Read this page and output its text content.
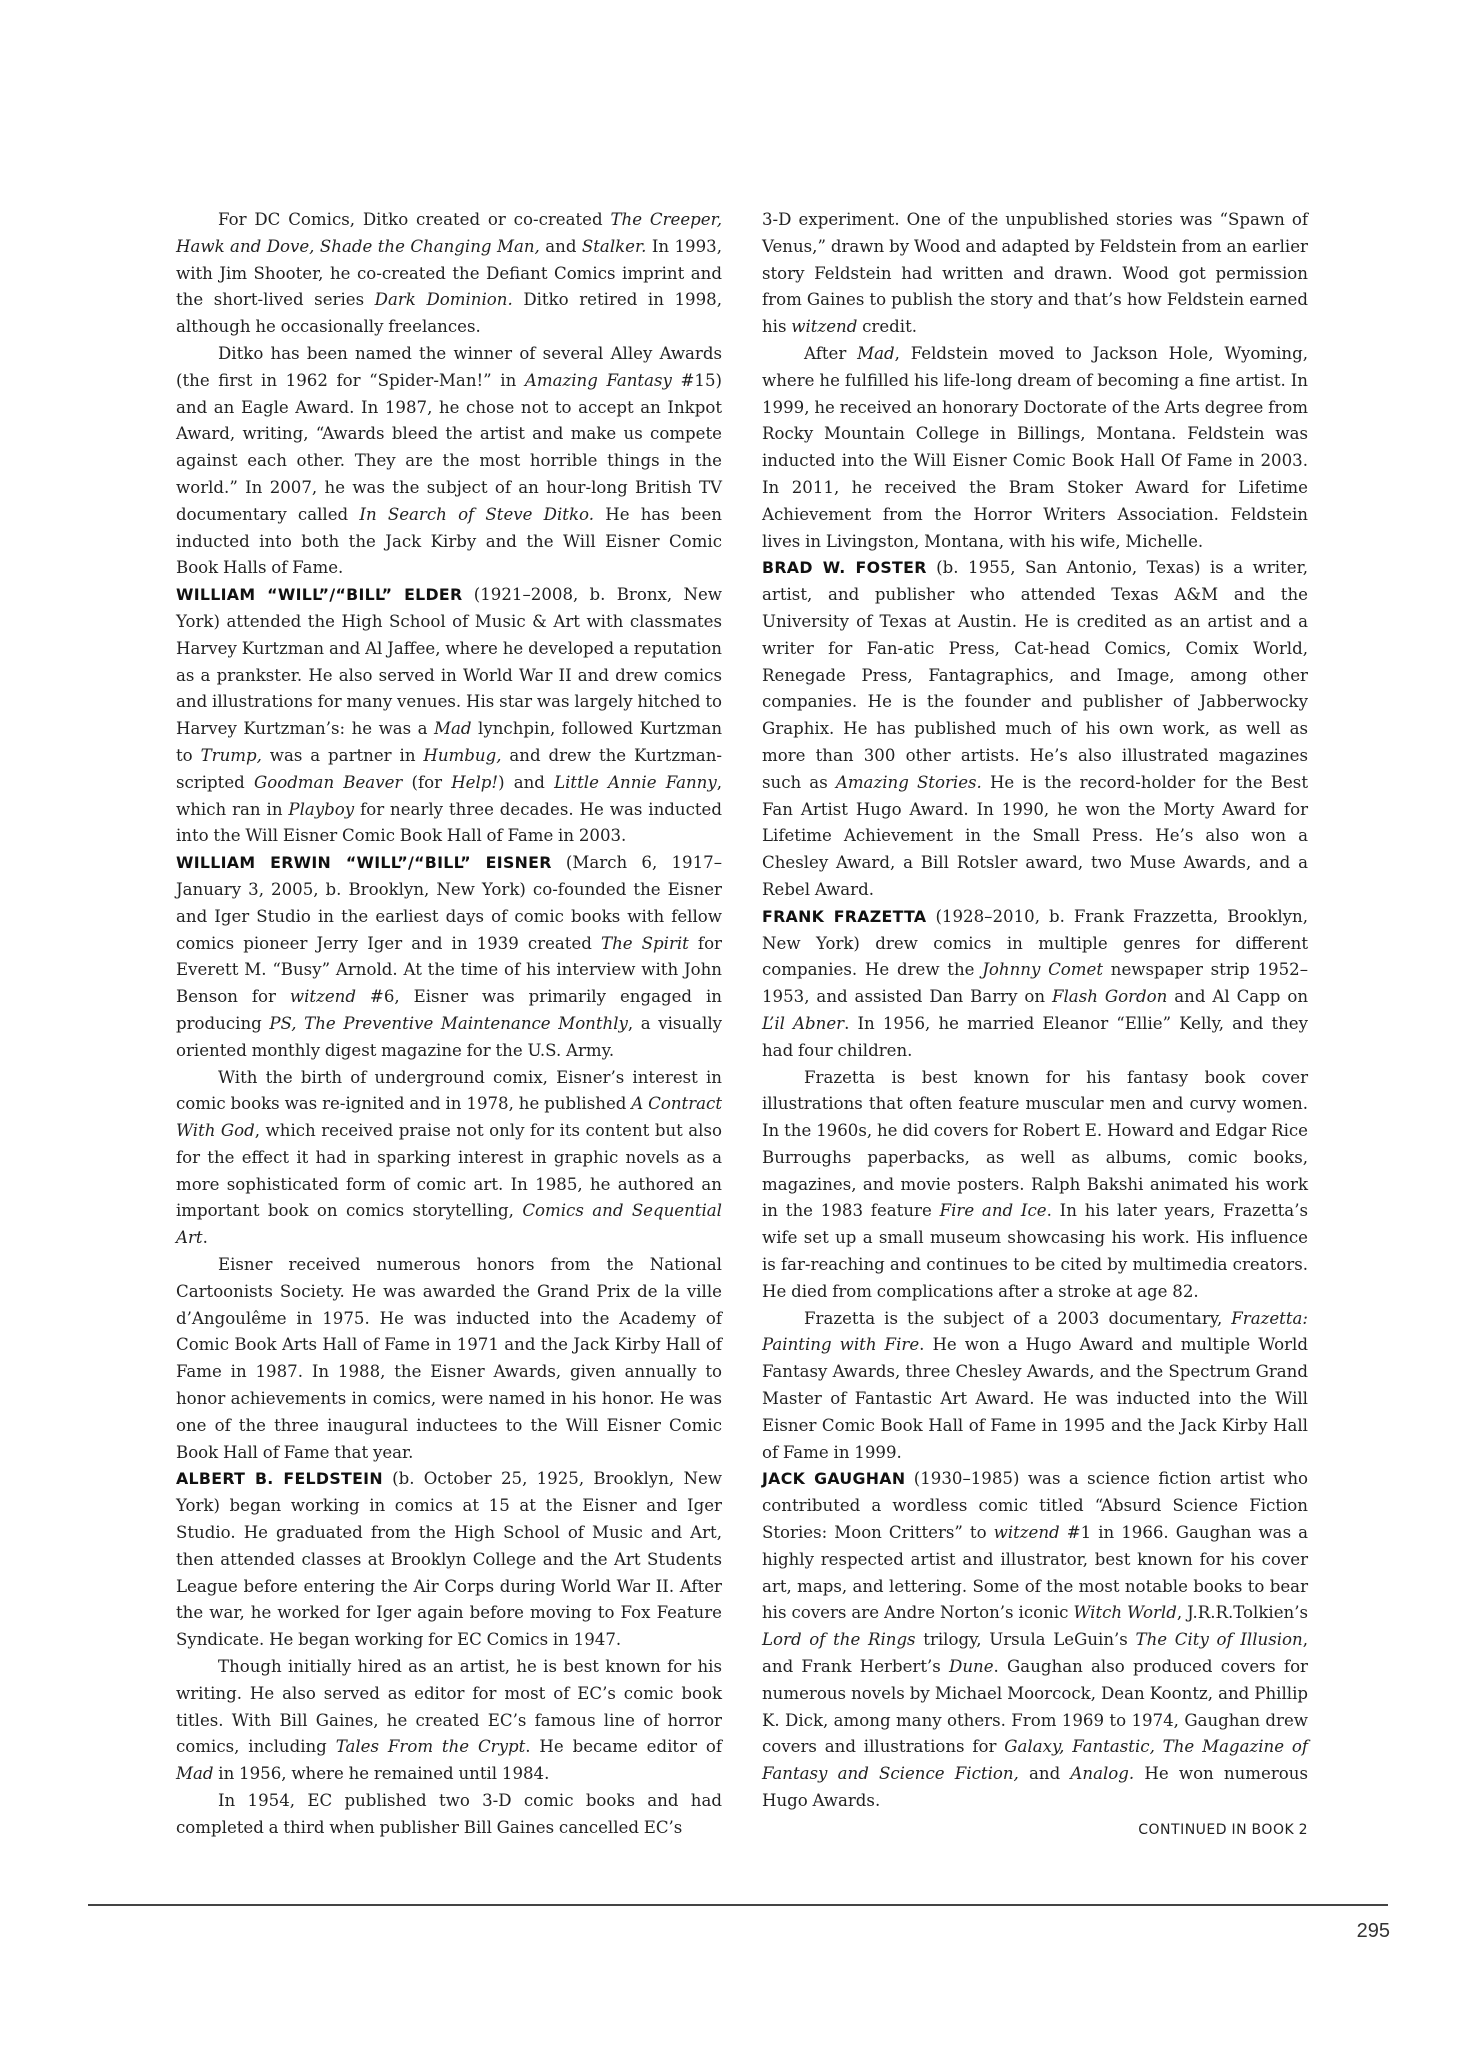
For DC Comics, Ditko created or co-created The Creeper, Hawk and Dove, Shade the Changing Man, and Stalker. In 1993, with Jim Shooter, he co-created the Defiant Comics imprint and the short-lived series Dark Dominion. Ditko retired in 1998, although he occasionally freelances.

Ditko has been named the winner of several Alley Awards (the first in 1962 for “Spider-Man!” in Amazing Fantasy #15) and an Eagle Award. In 1987, he chose not to accept an Inkpot Award, writing, “Awards bleed the artist and make us compete against each other. They are the most horrible things in the world.” In 2007, he was the subject of an hour-long British TV documentary called In Search of Steve Ditko. He has been inducted into both the Jack Kirby and the Will Eisner Comic Book Halls of Fame.

WILLIAM “WILL”/“BILL” ELDER (1921–2008, b. Bronx, New York) attended the High School of Music & Art with classmates Harvey Kurtzman and Al Jaffee, where he developed a reputation as a prankster. He also served in World War II and drew comics and illustrations for many venues. His star was largely hitched to Harvey Kurtzman’s: he was a Mad lynchpin, followed Kurtzman to Trump, was a partner in Humbug, and drew the Kurtzman-scripted Goodman Beaver (for Help!) and Little Annie Fanny, which ran in Playboy for nearly three decades. He was inducted into the Will Eisner Comic Book Hall of Fame in 2003.

WILLIAM ERWIN “WILL”/“BILL” EISNER (March 6, 1917–January 3, 2005, b. Brooklyn, New York) co-founded the Eisner and Iger Studio in the earliest days of comic books with fellow comics pioneer Jerry Iger and in 1939 created The Spirit for Everett M. “Busy” Arnold. At the time of his interview with John Benson for witzend #6, Eisner was primarily engaged in producing PS, The Preventive Maintenance Monthly, a visually oriented monthly digest magazine for the U.S. Army.

With the birth of underground comix, Eisner’s interest in comic books was re-ignited and in 1978, he published A Contract With God, which received praise not only for its content but also for the effect it had in sparking interest in graphic novels as a more sophisticated form of comic art. In 1985, he authored an important book on comics storytelling, Comics and Sequential Art.

Eisner received numerous honors from the National Cartoonists Society. He was awarded the Grand Prix de la ville d’Angoulême in 1975. He was inducted into the Academy of Comic Book Arts Hall of Fame in 1971 and the Jack Kirby Hall of Fame in 1987. In 1988, the Eisner Awards, given annually to honor achievements in comics, were named in his honor. He was one of the three inaugural inductees to the Will Eisner Comic Book Hall of Fame that year.

ALBERT B. FELDSTEIN (b. October 25, 1925, Brooklyn, New York) began working in comics at 15 at the Eisner and Iger Studio. He graduated from the High School of Music and Art, then attended classes at Brooklyn College and the Art Students League before entering the Air Corps during World War II. After the war, he worked for Iger again before moving to Fox Feature Syndicate. He began working for EC Comics in 1947.

Though initially hired as an artist, he is best known for his writing. He also served as editor for most of EC’s comic book titles. With Bill Gaines, he created EC’s famous line of horror comics, including Tales From the Crypt. He became editor of Mad in 1956, where he remained until 1984.

In 1954, EC published two 3-D comic books and had completed a third when publisher Bill Gaines cancelled EC’s

3-D experiment. One of the unpublished stories was “Spawn of Venus,” drawn by Wood and adapted by Feldstein from an earlier story Feldstein had written and drawn. Wood got permission from Gaines to publish the story and that’s how Feldstein earned his witzend credit.

After Mad, Feldstein moved to Jackson Hole, Wyoming, where he fulfilled his life-long dream of becoming a fine artist. In 1999, he received an honorary Doctorate of the Arts degree from Rocky Mountain College in Billings, Montana. Feldstein was inducted into the Will Eisner Comic Book Hall Of Fame in 2003. In 2011, he received the Bram Stoker Award for Lifetime Achievement from the Horror Writers Association. Feldstein lives in Livingston, Montana, with his wife, Michelle.

BRAD W. FOSTER (b. 1955, San Antonio, Texas) is a writer, artist, and publisher who attended Texas A&M and the University of Texas at Austin. He is credited as an artist and a writer for Fan-atic Press, Cat-head Comics, Comix World, Renegade Press, Fantagraphics, and Image, among other companies. He is the founder and publisher of Jabberwocky Graphix. He has published much of his own work, as well as more than 300 other artists. He’s also illustrated magazines such as Amazing Stories. He is the record-holder for the Best Fan Artist Hugo Award. In 1990, he won the Morty Award for Lifetime Achievement in the Small Press. He’s also won a Chesley Award, a Bill Rotsler award, two Muse Awards, and a Rebel Award.

FRANK FRAZETTA (1928–2010, b. Frank Frazzetta, Brooklyn, New York) drew comics in multiple genres for different companies. He drew the Johnny Comet newspaper strip 1952–1953, and assisted Dan Barry on Flash Gordon and Al Capp on L’il Abner. In 1956, he married Eleanor “Ellie” Kelly, and they had four children.

Frazetta is best known for his fantasy book cover illustrations that often feature muscular men and curvy women. In the 1960s, he did covers for Robert E. Howard and Edgar Rice Burroughs paperbacks, as well as albums, comic books, magazines, and movie posters. Ralph Bakshi animated his work in the 1983 feature Fire and Ice. In his later years, Frazetta’s wife set up a small museum showcasing his work. His influence is far-reaching and continues to be cited by multimedia creators. He died from complications after a stroke at age 82.

Frazetta is the subject of a 2003 documentary, Frazetta: Painting with Fire. He won a Hugo Award and multiple World Fantasy Awards, three Chesley Awards, and the Spectrum Grand Master of Fantastic Art Award. He was inducted into the Will Eisner Comic Book Hall of Fame in 1995 and the Jack Kirby Hall of Fame in 1999.

JACK GAUGHAN (1930–1985) was a science fiction artist who contributed a wordless comic titled “Absurd Science Fiction Stories: Moon Critters” to witzend #1 in 1966. Gaughan was a highly respected artist and illustrator, best known for his cover art, maps, and lettering. Some of the most notable books to bear his covers are Andre Norton’s iconic Witch World, J.R.R.Tolkien’s Lord of the Rings trilogy, Ursula LeGuin’s The City of Illusion, and Frank Herbert’s Dune. Gaughan also produced covers for numerous novels by Michael Moorcock, Dean Koontz, and Phillip K. Dick, among many others. From 1969 to 1974, Gaughan drew covers and illustrations for Galaxy, Fantastic, The Magazine of Fantasy and Science Fiction, and Analog. He won numerous Hugo Awards.

CONTINUED IN BOOK 2
295
